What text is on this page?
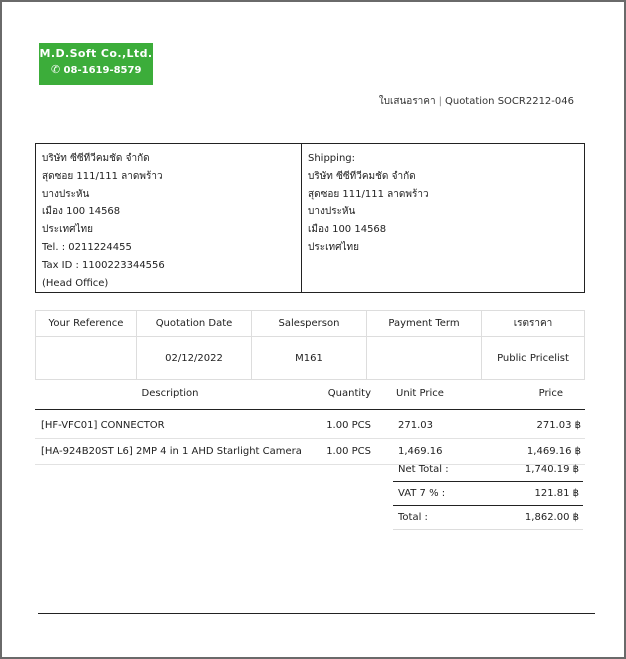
M.D.Soft Co.,Ltd.
✆ 08-1619-8579
ใบเสนอราคา | Quotation SOCR2212-046
บริษัท ซีซีทีวีคมชัด จำกัด
สุดซอย 111/111 ลาดพร้าว
บางประหัน
เมือง 100 14568
ประเทศไทย
Tel. : 0211224455
Tax ID : 1100223344556
(Head Office)
Shipping:
บริษัท ซีซีทีวีคมชัด จำกัด
สุดซอย 111/111 ลาดพร้าว
บางประหัน
เมือง 100 14568
ประเทศไทย
Your Reference	Quotation Date	Salesperson	Payment Term	เรตราคา
	02/12/2022	M161		Public Pricelist
Description	Quantity	Unit Price	Price
[HF-VFC01] CONNECTOR	1.00 PCS	271.03	271.03 ฿
[HA-924B20ST L6] 2MP 4 in 1 AHD Starlight Camera	1.00 PCS	1,469.16	1,469.16 ฿
Net Total :	1,740.19 ฿
VAT 7 % :	121.81 ฿
Total :	1,862.00 ฿
